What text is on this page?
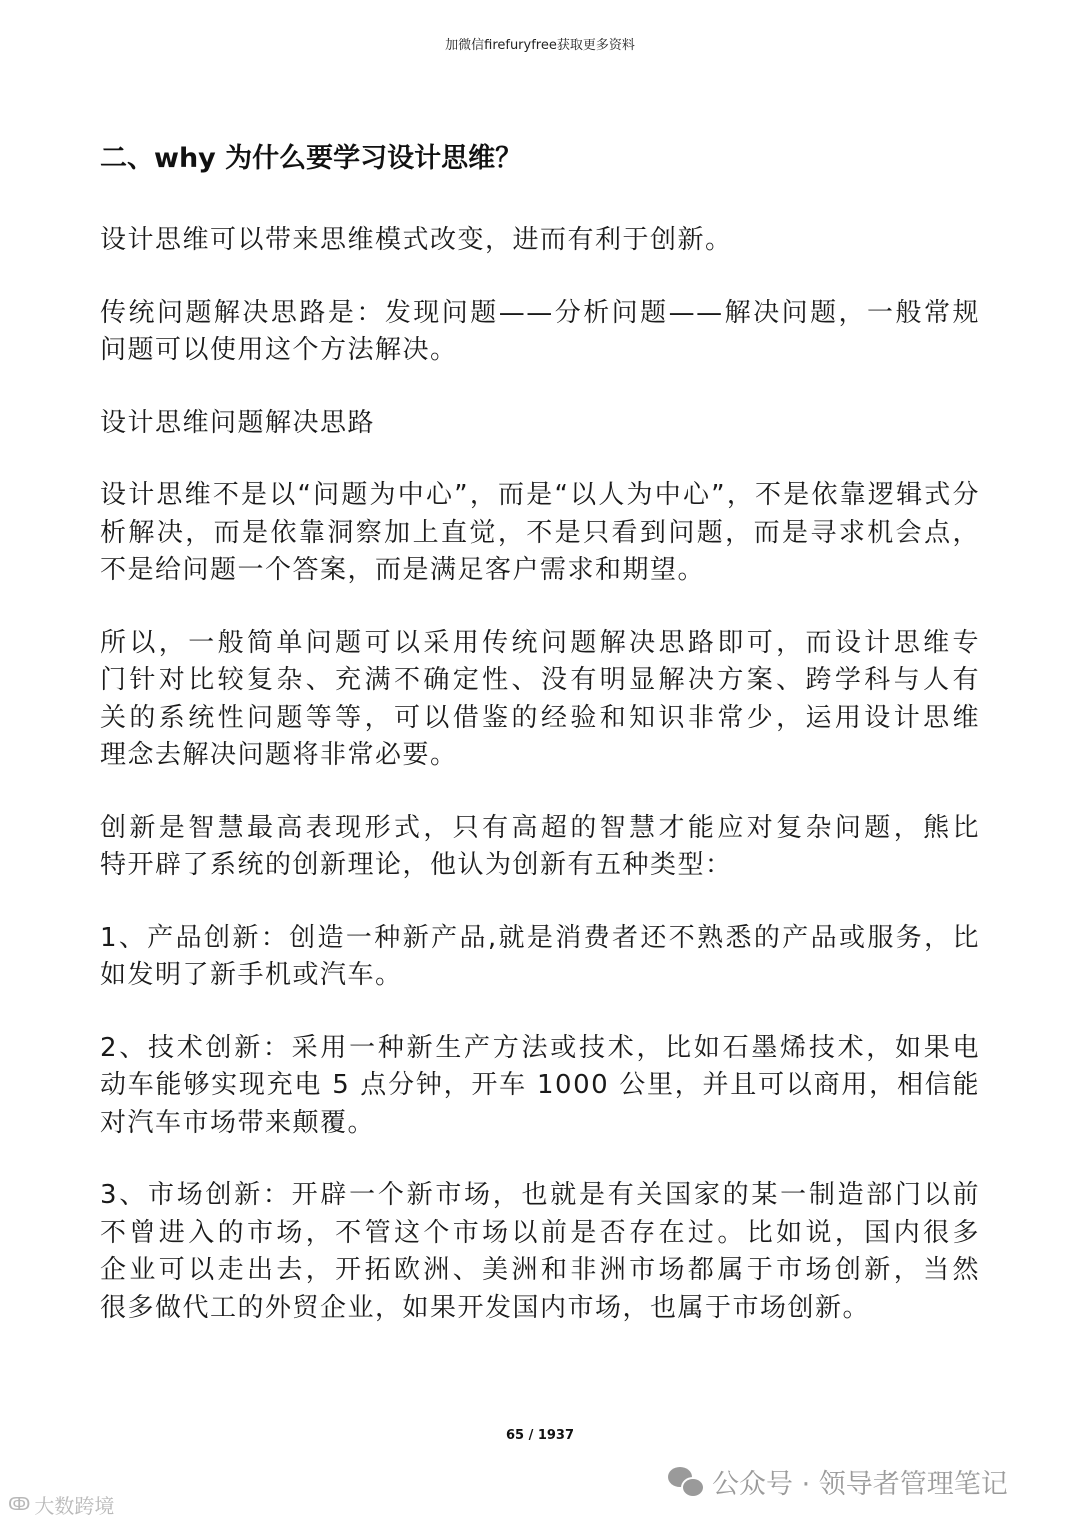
加微信firefuryfree获取更多资料
二、why 为什么要学习设计思维？
设计思维可以带来思维模式改变，进而有利于创新。
传统问题解决思路是：发现问题——分析问题——解决问题，一般常规
问题可以使用这个方法解决。
设计思维问题解决思路
设计思维不是以“问题为中心”，而是“以人为中心”，不是依靠逻辑式分
析解决，而是依靠洞察加上直觉，不是只看到问题，而是寻求机会点，
不是给问题一个答案，而是满足客户需求和期望。
所以，一般简单问题可以采用传统问题解决思路即可，而设计思维专
门针对比较复杂、充满不确定性、没有明显解决方案、跨学科与人有
关的系统性问题等等，可以借鉴的经验和知识非常少，运用设计思维
理念去解决问题将非常必要。
创新是智慧最高表现形式，只有高超的智慧才能应对复杂问题，熊比
特开辟了系统的创新理论，他认为创新有五种类型：
1、产品创新：创造一种新产品,就是消费者还不熟悉的产品或服务，比
如发明了新手机或汽车。
2、技术创新：采用一种新生产方法或技术，比如石墨烯技术，如果电
动车能够实现充电 5 点分钟，开车 1000 公里，并且可以商用，相信能
对汽车市场带来颠覆。
3、市场创新：开辟一个新市场，也就是有关国家的某一制造部门以前
不曾进入的市场，不管这个市场以前是否存在过。比如说，国内很多
企业可以走出去，开拓欧洲、美洲和非洲市场都属于市场创新，当然
很多做代工的外贸企业，如果开发国内市场，也属于市场创新。
65 / 1937
公众号 · 领导者管理笔记
ↂ 大数跨境
